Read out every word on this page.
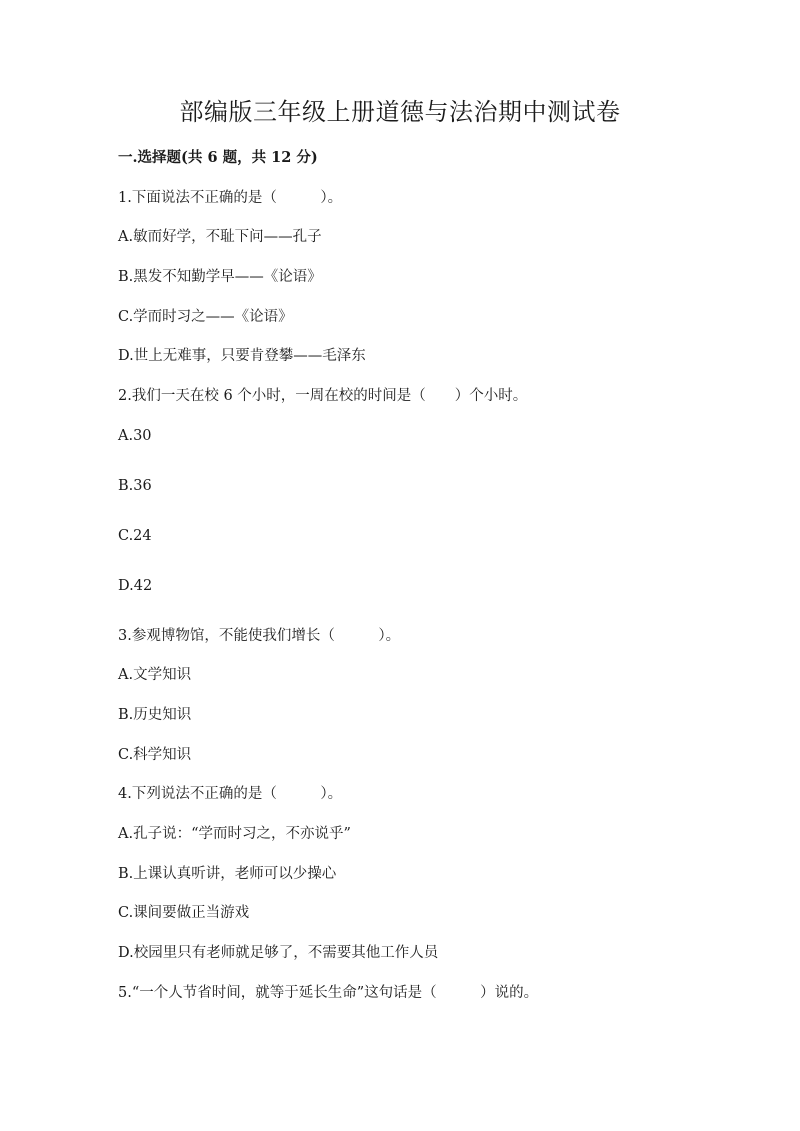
部编版三年级上册道德与法治期中测试卷
一.选择题(共 6 题，共 12 分)
1.下面说法不正确的是（　　　）。
A.敏而好学，不耻下问——孔子
B.黑发不知勤学早——《论语》
C.学而时习之——《论语》
D.世上无难事，只要肯登攀——毛泽东
2.我们一天在校 6 个小时，一周在校的时间是（　　）个小时。
A.30
B.36
C.24
D.42
3.参观博物馆，不能使我们增长（　　　）。
A.文学知识
B.历史知识
C.科学知识
4.下列说法不正确的是（　　　）。
A.孔子说：“学而时习之，不亦说乎”
B.上课认真听讲，老师可以少操心
C.课间要做正当游戏
D.校园里只有老师就足够了，不需要其他工作人员
5.“一个人节省时间，就等于延长生命”这句话是（　　　）说的。
